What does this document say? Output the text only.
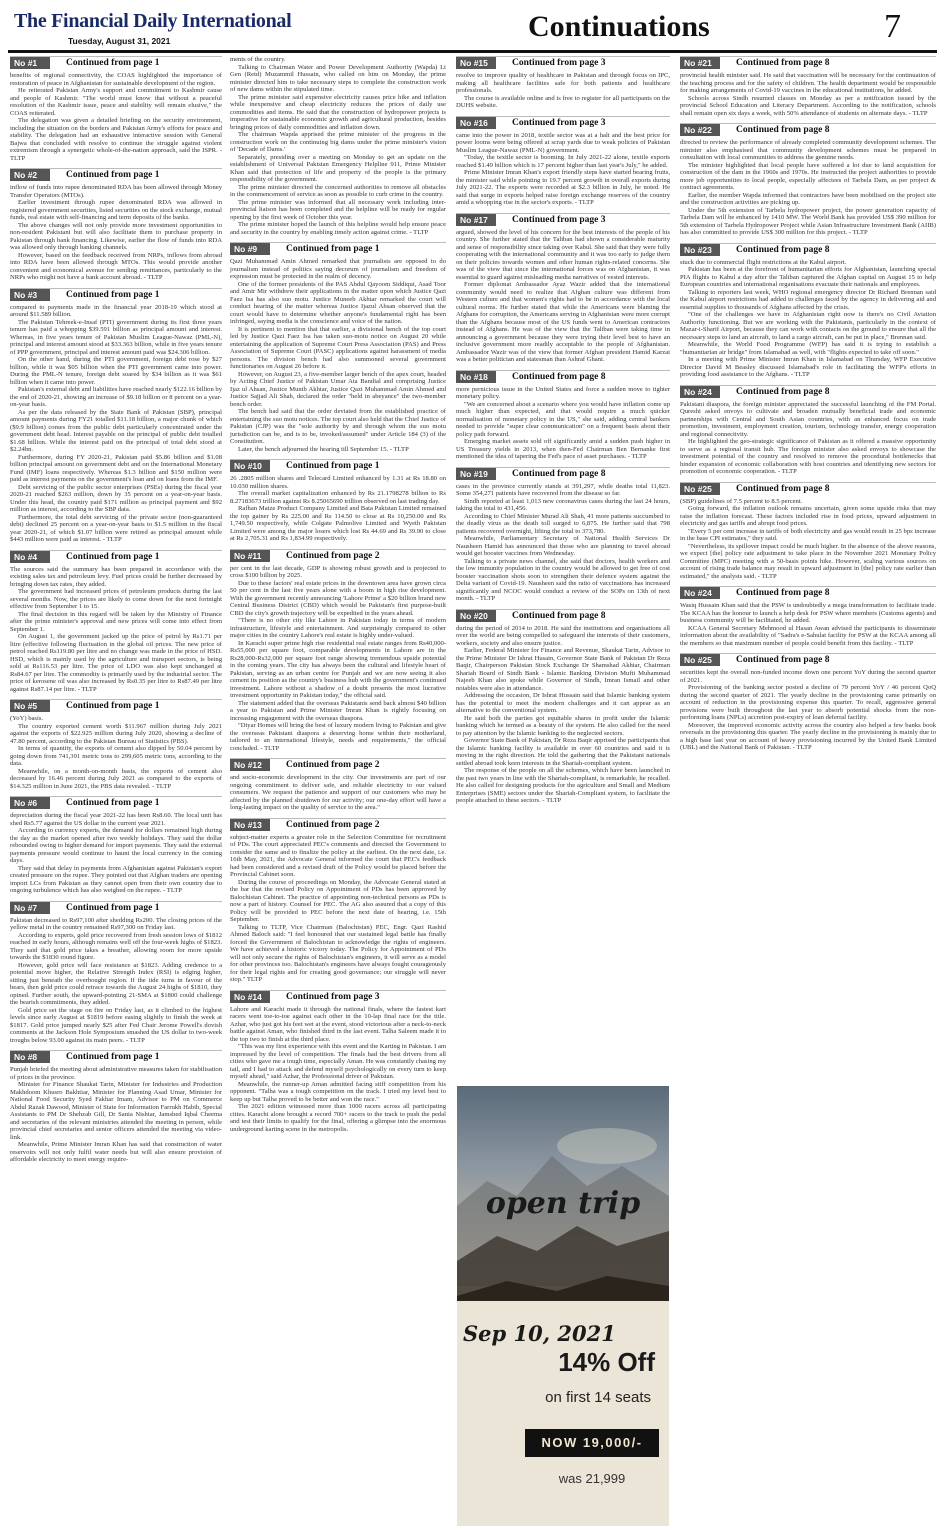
The Financial Daily International
Tuesday, August 31, 2021	Continuations	7
No #1	Continued from page 1

benefits of regional connectivity, the COAS highlighted the importance of restoration of peace in Afghanistan for sustainable development of the region.

He reiterated Pakistan Army's support and commitment to Kashmir cause and people of Kashmir. "The world must know that without a peaceful resolution of the Kashmir issue, peace and stability will remain elusive," the COAS reiterated.

The delegation was given a detailed briefing on the security environment, including the situation on the borders and Pakistan Army's efforts for peace and stability. The delegation had an exhaustive interactive session with General Bajwa that concluded with resolve to continue the struggle against violent extremism through a synergetic whole-of-the-nation approach, said the ISPR. - TLTP

No #2	Continued from page 1

inflow of funds into rupee denominated RDA has been allowed through Money Transfer Operators (MTOs).

Earlier investment through rupee denominated RDA was allowed in registered government securities, listed securities on the stock exchange, mutual funds, real estate with self-financing and term deposits of the banks.

The above changes will not only provide more investment opportunities to non-resident Pakistani but will also facilitate them to purchase property in Pakistan through bank financing. Likewise, earlier the flow of funds into RDA was allowed only through banking channels.

However, based on the feedback received from NRPs, inflows from abroad into RDA have been allowed through MTOs. This would provide another convenient and economical avenue for sending remittances, particularly to the NRPs who might not have a bank account abroad. - TLTP

No #3	Continued from page 1

compared to payments made in the financial year 2018-19 which stood at around $11.589 billion.

The Pakistan Tehreek-e-Insaf (PTI) government during its first three years tenure has paid a whopping $39.591 billion as principal amount and interest. Whereas, in five years tenure of Pakistan Muslim League-Nawaz (PML-N), principal and interest amount stood at $33.363 billion, while in five years tenure of PPP government, principal and interest amount paid was $24.306 billion.

On the other hand, during the PTI government, foreign debt rose by $27 billion, while it was $05 billion when the PTI government came into power. During the PML-N tenure, foreign debt soared by $34 billion as it was $61 billion when it came into power.

Pakistan's external debt and liabilities have reached nearly $122.16 billion by the end of 2020-21, showing an increase of $9.18 billion or 8 percent on a year-on-year basis.

As per the data released by the State Bank of Pakistan (SBP), principal amount payments during FY21 totalled $11.18 billion, a major chunk of which ($9.9 billion) comes from the public debt particularly concentrated under the government debt head. Interest payable on the principal of public debt totalled $1.68 billion. While the interest paid on the principal of total debt stood at $2.24bn.

Furthermore, during FY 2020-21, Pakistan paid $5.86 billion and $1.08 billion principal amount on government debt and on the International Monetary Fund (IMF) loans respectively. Whereas $1.3 billion and $150 million were paid as interest payments on the government's loan and on loans from the IMF.

Debt servicing of the public sector enterprises (PSEs) during the fiscal year 2020-21 reached $263 million, down by 35 percent on a year-on-year basis. Under this head, the country paid $171 million as principal payment and $92 million as interest, according to the SBP data.

Furthermore, the total debt servicing of the private sector (non-guaranteed debt) declined 25 percent on a year-on-year basis to $1.5 million in the fiscal year 2020-21, of which $1.07 billion were retired as principal amount while $443 million were paid as interest. - TLTP

No #4	Continued from page 1

The sources said the summary has been prepared in accordance with the existing sales tax and petroleum levy. Fuel prices could be further decreased by bringing down tax rates, they added.

The government had increased prices of petroleum products during the last several months. Now, the prices are likely to come down for the next fortnight effective from September 1 to 15.

The final decision in this regard will be taken by the Ministry of Finance after the prime minister's approval and new prices will come into effect from September 1.

On August 1, the government jacked up the price of petrol by Rs1.71 per litre (effective following fluctuation in the global oil prices. The new price of petrol reached Rs119.80 per litre and no change was made in the price of HSD. HSD, which is mainly used by the agriculture and transport sectors, is being sold at Rs116.53 per litre. The price of LDO was also kept unchanged at Rs84.67 per litre. The commodity is primarily used by the industrial sector. The price of kerosene oil was also increased by Rs0.35 per litre to Rs87.49 per litre against Rs87.14 per litre. - TLTP

No #5	Continued from page 1

(YoY) basis.

The country exported cement worth $11.967 million during July 2021 against the exports of $22.925 million during July 2020, showing a decline of 47.80 percent, according to the Pakistan Bureau of Statistics (PBS).

In terms of quantity, the exports of cement also dipped by 50.04 percent by going down from 741,391 metric tons to 299,605 metric tons, according to the data.

Meanwhile, on a month-on-month basis, the exports of cement also decreased by 16.46 percent during July 2021 as compared to the exports of $14.325 million in June 2021, the PBS data revealed. - TLTP

No #6	Continued from page 1

depreciation during the fiscal year 2021-22 has been Rs8.60. The local unit has shed Rs5.77 against the US dollar in the current year 2021.

According to currency experts, the demand for dollars remained high during the day as the market opened after two weekly holidays. They said the dollar rebounded owing to higher demand for import payments. They said the external payments pressure would continue to haunt the local currency in the coming days.

They said that delay in payments from Afghanistan against Pakistan's export created pressure on the rupee. They pointed out that Afghan traders are opening import LCs from Pakistan as they cannot open from their own country due to ongoing turbulence which has also weighed on the rupee. - TLTP

No #7	Continued from page 1

Pakistan decreased to Rs97,100 after shedding Rs200. The closing prices of the yellow metal in the country remained Rs97,300 on Friday last.

According to experts, gold price recovered from fresh session lows of $1812 reached in early hours, although remains well off the four-week highs of $1823. They said that gold price takes a breather, allowing room for more upside towards the $1830 round figure.

However, gold price will face resistance at $1823. Adding credence to a potential move higher, the Relative Strength Index (RSI) is edging higher, sitting just beneath the overbought region. If the tide turns in favour of the bears, then gold price could retrace towards the August 24 highs of $1810, they opined. Further south, the upward-pointing 21-SMA at $1800 could challenge the bearish commitments, they added.

Gold price set the stage on fire on Friday last, as it climbed to the highest levels since early August at $1819 before easing slightly to finish the week at $1817. Gold price jumped nearly $25 after Fed Chair Jerome Powell's dovish comments at the Jackson Hole Symposium smashed the US dollar to two-week troughs below 93.00 against its main peers. - TLTP

No #8	Continued from page 1

Punjab briefed the meeting about administrative measures taken for stabilisation of prices in the province.

Minister for Finance Shaukat Tarin, Minister for Industries and Production Makhdoom Khusro Bakhtiar, Minister for Planning Asad Umar, Minister for National Food Security Syed Fakhar Imam, Advisor to PM on Commerce Abdul Razak Dawood, Minister of State for Information Farrukh Habib, Special Assistants to PM Dr Shehzab Gill, Dr Sania Nishtar, Jamshed Iqbal Cheema and secretaries of the relevant ministries attended the meeting in person, while provincial chief secretaries and senior officers attended the meeting via video-link.

Meanwhile, Prime Minister Imran Khan has said that construction of water reservoirs will not only fulfil water needs but will also ensure provision of affordable electricity to meet energy require-

ments of the country.

Talking to Chairman Water and Power Development Authority (Wapda) Lt Gen (Retd) Muzammil Hussain, who called on him on Monday, the prime minister directed him to take necessary steps to complete the construction work of new dams within the stipulated time.

The prime minister said expensive electricity causes price hike and inflation while inexpensive and cheap electricity reduces the prices of daily use commodities and items. He said that the construction of hydropower projects is imperative for sustainable economic growth and agricultural production, besides bringing prices of daily commodities and inflation down.

The chairman Wapda apprised the prime minister of the progress in the construction work on the continuing big dams under the prime minister's vision of 'Decade of Dams.'

Separately, presiding over a meeting on Monday to get an update on the establishment of Universal Pakistan Emergency Helpline 911, Prime Minister Khan said that protection of life and property of the people is the primary responsibility of the government.

The prime minister directed the concerned authorities to remove all obstacles in the commencement of service as soon as possible to curb crime in the country.

The prime minister was informed that all necessary work including inter-provincial liaison has been completed and the helpline will be ready for regular opening by the first week of October this year.

The prime minister hoped the launch of this helpline would help ensure peace and security in the country by enabling timely action against crime. - TLTP

No #9	Continued from page 1

Qazi Muhammad Amin Ahmed remarked that journalists are opposed to do journalism instead of politics saying decorum of journalism and freedom of expression must be protected in the realm of decency.

One of the former presidents of the PAS Abdul Qayoom Siddiqui, Asad Toor and Amir Mir withdrew their applications in the matter upon which Justice Qazi Faez Isa has also suo motu. Justice Muneeb Akhtar remarked the court will conduct hearing of the matter whereas Justice Ijazul Ahsan observed that the court would have to determine whether anyone's fundamental right has been infringed, saying media is the conscience and voice of the nation.

It is pertinent to mention that that earlier, a divisional bench of the top court led by Justice Qazi Faez Isa has taken suo-motu notice on August 20 while entertaining the application of Supreme Court Press Association (PAS) and Press Association of Supreme Court (PASC) applications against harassment of media persons. The division bench had also summoned several government functionaries on August 26 before it.

However, on August 23, a five-member larger bench of the apex court, headed by Acting Chief Justice of Pakistan Umar Ata Bandial and comprising Justice Ijaz ul Ahsan, Justice Munib Akhtar, Justice Qazi Muhammad Amin Ahmed and Justice Sajjad Ali Shah, declared the order "held in abeyance" the two-member bench order.

The bench had said that the order deviated from the established practice of entertaining the suo motu notices. The top court also held that the Chief Justice of Pakistan (CJP) was the "sole authority by and through whom the suo motu jurisdiction can be, and is to be, invoked/assumed" under Article 184 (3) of the Constitution.

Later, the bench adjourned the hearing till September 15. - TLTP

No #10	Continued from page 1

26 .2805 million shares and Telecard Limited enhanced by 1.31 at Rs 18.80 on 10.030 million shares.

The overall market capitalization enhanced by Rs 21.1798278 billion to Rs 8.27183673 trillion against Rs 8.25065690 trillion observed on last trading day.

Rafhan Maize Product Company Limited and Bata Pakistan Limited remained the top gainer by Rs 225.00 and Rs 114.50 to close at Rs 10,250.00 and Rs 1,749.50 respectively, while Colgate Palmolive Limited and Wyeth Pakistan Limited were among the major losers which lost Rs 44.69 and Rs 39.90 to close at Rs 2,705.31 and Rs 1,834.99 respectively.

No #11	Continued from page 2

per cent in the last decade, GDP is showing robust growth and is projected to cross $100 billion by 2025.

Due to these factors' real estate prices in the downtown area have grown circa 50 per cent in the last five years alone with a boom in high rise development. With the government recently announcing 'Lahore Prime' a $20 billion brand new Central Business District (CBD) which would be Pakistan's first purpose-built CBD the city's growth trajectory will be expedited in the years ahead.

"There is no other city like Lahore in Pakistan today in terms of modern infrastructure, lifestyle and entertainment. And surprisingly compared to other major cities in the country Lahore's real estate is highly under-valued.

In Karachi super prime high rise residential real estate ranges from Rs40,000-Rs55,000 per square foot, comparable developments in Lahore are in the Rs28,000-Rs32,000 per square foot range showing tremendous upside potential in the coming years. The city has always been the cultural and lifestyle heart of Pakistan, serving as an urban centre for Punjab and we are now seeing it also cement its position as the country's business hub with the government's continued investment. Lahore without a shadow of a doubt presents the most lucrative investment opportunity in Pakistan today," the official said.

The statement added that the overseas Pakistanis send back almost $40 billion a year to Pakistan and Prime Minister Imran Khan is rightly focusing on increasing engagement with the overseas diaspora.

"Diyar Homes will bring the best of luxury modern living to Pakistan and give the overseas Pakistani diaspora a deserving home within their motherland, tailored to an international lifestyle, needs and requirements," the official concluded. - TLTP

No #12	Continued from page 2

and socio-economic development in the city. Our investments are part of our ongoing commitment to deliver safe, and reliable electricity to our valued consumers. We request the patience and support of our customers who may be affected by the planned shutdown for our activity; our one-day effort will have a long-lasting impact on the quality of service to the area."

No #13	Continued from page 2

subject-matter experts a greater role in the Selection Committee for recruitment of PDs. The court appreciated PEC's comments and directed the Government to consider the same and to finalize the policy at the earliest. On the next date, i.e. 16th May, 2021, the Advocate General informed the court that PEC's feedback had been considered and a revised draft of the Policy would be placed before the Provincial Cabinet soon.

During the course of proceedings on Monday, the Advocate General stated at the bar that the revised Policy on Appointment of PDs has been approved by Balochistan Cabinet. The practice of appointing non-technical persons as PDs is now a part of history. Counsel for PEC. The AG also assured that a copy of this Policy will be provided to PEC before the next date of hearing, i.e. 15th September.

Talking to TLTP, Vice Chairman (Balochistan) PEC, Engr. Qazi Rashid Ahmed Baloch said: "I feel honoured that our sustained legal battle has finally forced the Government of Balochistan to acknowledge the rights of engineers. We have achieved a historic victory today. The Policy for Appointment of PDs will not only secure the rights of Balochistan's engineers, it will serve as a model for other provinces too. Balochistan's engineers have always fought courageously for their legal rights and for creating good governance; our struggle will never stop." TLTP

No #14	Continued from page 3

Lahore and Karachi made it through the national finals, where the fastest kart racers went toe-to-toe against each other in the 10-lap final race for the title. Azhar, who just got his feet wet at the event, stood victorious after a neck-to-neck battle against Aman, who finished third in the last event. Talha Saleem made it to the top two to finish at the third place.

"This was my first experience with this event and the Karting in Pakistan. I am impressed by the level of competition. The finals had the best drivers from all cities who gave me a tough time, especially Aman. He was constantly chasing my tail, and I had to attack and defend myself psychologically on every turn to keep myself ahead," said Azhar, the Professional driver of Pakistan.

Meanwhile, the runner-up Aman admitted facing stiff competition from his opponent. "Talha was a tough competition on the track. I tried my level best to keep up but Talha proved to be better and won the race."

The 2021 edition witnessed more than 1000 racers across all participating cities. Karachi alone brought a record 700+ racers to the track to push the pedal and test their limits to qualify for the final, offering a glimpse into the enormous underground karting scene in the metropolis.

No #15	Continued from page 3

resolve to improve quality of healthcare in Pakistan and through focus on IPC, making all healthcare facilities safe for both patients and healthcare professionals.

The course is available online and is free to register for all participants on the DUHS website.

No #16	Continued from page 3

came into the power in 2018, textile sector was at a halt and the best price for power looms were being offered at scrap yards due to weak policies of Pakistan Muslim League-Nawaz (PML-N) government.

"Today, the textile sector is booming. In July 2021-22 alone, textile exports reached $1.49 billion which is 17 percent higher than last year's July," he added.

Prime Minister Imran Khan's export friendly steps have started bearing fruits, the minister said while pointing to 19.7 percent growth in overall exports during July 2021-22. The exports were recorded at $2.3 billion in July, he noted. He said that surge in exports helped raise foreign exchange reserves of the country amid a whopping rise in the sector's exports. - TLTP

No #17	Continued from page 3

argued, showed the level of his concern for the best interests of the people of his country. She further stated that the Taliban had shown a considerable maturity and sense of responsibility since taking over Kabul. She said that they were fully cooperating with the international community and it was too early to judge them on their policies towards women and other human rights-related concerns. She was of the view that since the international forces was on Afghanistan, it was essential to guard against misleading media narratives of vested interests.

Former diplomat Ambassador Ayaz Wazir added that the international community would need to realize that Afghan culture was different from Western culture and that women's rights had to be in accordance with the local cultural norms. He further stated that while the Americans were blaming the Afghans for corruption, the Americans serving in Afghanistan were more corrupt than the Afghans because most of the US funds went to American contractors instead of Afghans. He was of the view that the Taliban were taking time in announcing a government because they were trying their level best to have an inclusive government more readily acceptable to the people of Afghanistan. Ambassador Wazir was of the view that former Afghan president Hamid Karzai was a better politician and statesman than Ashraf Ghani.

No #18	Continued from page 8

more pernicious issue in the United States and force a sudden move to tighter monetary policy.

"We are concerned about a scenario where you would have inflation come up much higher than expected, and that would require a much quicker normalisation of monetary policy in the US," she said, adding central bankers needed to provide "super clear communication" on a frequent basis about their policy path forward.

Emerging market assets sold off significantly amid a sudden push higher in US Treasury yields in 2013, when then-Fed Chairman Ben Bernanke first mentioned the idea of tapering the Fed's pace of asset purchases. - TLTP

No #19	Continued from page 8

cases in the province currently stands at 391,297, while deaths total 11,823. Some 354,271 patients have recovered from the disease so far.

Sindh reported at least 1,013 new coronavirus cases during the last 24 hours, taking the total to 431,456.

According to Chief Minister Murad Ali Shah, 41 more patients succumbed to the deadly virus as the death toll surged to 6,875. He further said that 798 patients recovered overnight, lifting the total to 373,780.

Meanwhile, Parliamentary Secretary of National Health Services Dr Nausheen Hamid has announced that those who are planning to travel abroad would get booster vaccines from Wednesday.

Talking to a private news channel, she said that doctors, health workers and the low immunity population in the country would be allowed to get free of cost booster vaccination shots soon to strengthen their defence system against the Delta variant of Covid-19. Nausheen said the ratio of vaccinations has increased significantly and NCOC would conduct a review of the SOPs on 13th of next month. - TLTP

No #20	Continued from page 8

during the period of 2014 to 2018. He said the institutions and organisations all over the world are being compelled to safeguard the interests of their customers, workers, society and also ensure justice.

Earlier, Federal Minister for Finance and Revenue, Shaukat Tarin, Advisor to the Prime Minister Dr Ishrat Husain, Governor State Bank of Pakistan Dr Reza Baqir, Chairperson Pakistan Stock Exchange Dr Shamshad Akhtar, Chairman Shariah Board of Sindh Bank - Islamic Banking Division Mufti Muhammad Najeeb Khan also spoke while Governor of Sindh, Imran Ismail and other notables were also in attendance.

Addressing the occasion, Dr Ishrat Hussain said that Islamic banking system has the potential to meet the modern challenges and it can appear as an alternative to the conventional system.

He said both the parties got equitable shares in profit under the Islamic banking which he termed as a beauty of the system. He also called for the need to pay attention by the Islamic banking to the neglected sectors.

Governor State Bank of Pakistan, Dr Reza Baqir apprised the participants that the Islamic banking facility is available in over 60 countries and said it is moving in the right direction. He told the gathering that the Pakistani nationals settled abroad took keen interests in the Shariah-compliant system.

The response of the people on all the schemes, which have been launched in the past two years in line with the Shariah-compliant, is remarkable, he recalled. He also called for designing products for the agriculture and Small and Medium Enterprises (SME) sectors under the Shariah-Compliant system, to facilitate the people attached to these sectors. - TLTP

No #21	Continued from page 8

provincial health minister said. He said that vaccination will be necessary for the continuation of the teaching process and for the safety of children. The health department would be responsible for making arrangements of Covid-19 vaccines in the educational institutions, he added.

Schools across Sindh resumed classes on Monday as per a notification issued by the provincial School Education and Literacy Department. According to the notification, schools shall remain open six days a week, with 50% attendance of students on alternate days. - TLTP

No #22	Continued from page 8

directed to review the performance of already completed community development schemes. The minister also emphasised that community development schemes must be prepared in consultation with local communities to address the genuine needs.

The minister highlighted that local people have suffered a lot due to land acquisition for construction of the dam in the 1960s and 1970s. He instructed the project authorities to provide more job opportunities to local people, especially affectees of Tarbela Dam, as per project & contract agreements.

Earlier, the member Wapda informed that contractors have been mobilised on the project site and the construction activities are picking up.

Under the 5th extension of Tarbela hydropower project, the power generation capacity of Tarbela Dam will be enhanced by 1410 MW. The World Bank has provided US$ 390 million for 5th extension of Tarbela Hydropower Project while Asian Infrastructure Investment Bank (AIIB) has also committed to provide US$ 300 million for this project. - TLTP

No #23	Continued from page 8

stuck due to commercial flight restrictions at the Kabul airport.

Pakistan has been at the forefront of humanitarian efforts for Afghanistan, launching special PIA flights to Kabul a day after the Taliban captured the Afghan capital on August 15 to help European countries and international organisations evacuate their nationals and employees.

Talking to reporters last week, WHO regional emergency director Dr Richard Brennan said the Kabul airport restrictions had added to challenges faced by the agency in delivering aid and essential supplies to thousands of Afghans affected by the crisis.

"One of the challenges we have in Afghanistan right now is there's no Civil Aviation Authority functioning. But we are working with the Pakistanis, particularly in the context of Mazar-i-Sharif Airport, because they can work with contacts on the ground to ensure that all the necessary steps to land an aircraft, to land a cargo aircraft, can be put in place," Brennan said.

Meanwhile, the World Food Programme (WFP) has said it is trying to establish a "humanitarian air bridge" from Islamabad as well, with "flights expected to take off soon."

In a meeting with Prime Minister Imran Khan in Islamabad on Thursday, WFP Executive Director David M Beasley discussed Islamabad's role in facilitating the WFP's efforts in providing food assistance to the Afghans. - TLTP

No #24	Continued from page 8

Pakistani diaspora, the foreign minister appreciated the successful launching of the FM Portal. Qureshi asked envoys to cultivate and broaden mutually beneficial trade and economic partnerships with Central and South Asian countries, with an enhanced focus on trade promotion, investment, employment creation, tourism, technology transfer, energy cooperation and regional connectivity.

He highlighted the geo-strategic significance of Pakistan as it offered a massive opportunity to serve as a regional transit hub. The foreign minister also asked envoys to showcase the investment potential of the country and resolved to remove the procedural bottlenecks that hinder expansion of economic collaboration with host countries and identifying new sectors for promotion of economic cooperation. - TLTP

No #25	Continued from page 8

(SBP) guidelines of 7.5 percent to 8.5 percent.

Going forward, the inflation outlook remains uncertain, given some upside risks that may raise the inflation forecast. These factors included rise in food prices, upward adjustment in electricity and gas tariffs and abrupt food prices.

"Every 5 per cent increase in tariffs of both electricity and gas would result in 25 bps increase in the base CPI estimates," they said.

"Nevertheless, its spillover impact could be much higher. In the absence of the above reasons, we expect [the] policy rate adjustment to take place in the November 2021 Monetary Policy Committee (MPC) meeting with a 50-basis points hike. However, scaling various sources on account of rising trade balance may result in upward adjustment in [the] policy rate earlier than estimated," the analysts said. - TLTP

No #24	Continued from page 8

Wasiq Hussain Khan said that the PSW is undoubtedly a mega transformation to facilitate trade. The KCAA has the honour to launch a help desk for PSW where members (Customs agents) and business community will be facilitated, he added.

KCAA General Secretary Mehmood ul Hasan Awan advised the participants to disseminate information about the availability of "Sadra's e-Sahulat facility for PSW at the KCAA among all the members so that maximum number of people could benefit from this facility. - TLTP

No #25	Continued from page 8

securities kept the overall non-funded income down one percent YoY during the second quarter of 2021.

Provisioning of the banking sector posted a decline of 79 percent YoY / 46 percent QoQ during the second quarter of 2021. The yearly decline in the provisioning came primarily on account of reduction in the provisioning expense this quarter. To recall, aggressive general provisions were built throughout the last year to absorb potential shocks from the non-performing loans (NPLs) accretion post-expiry of loan deferral facility.

Moreover, the improved economic activity across the country also helped a few banks book reversals in the provisioning this quarter. The yearly decline in the provisioning is mainly due to a high base last year on account of heavy provisioning incurred by the United Bank Limited (UBL) and the National Bank of Pakistan. - TLTP

open trip
Sep 10, 2021
14% Off
on first 14 seats
NOW 19,000/-
was 21,999
